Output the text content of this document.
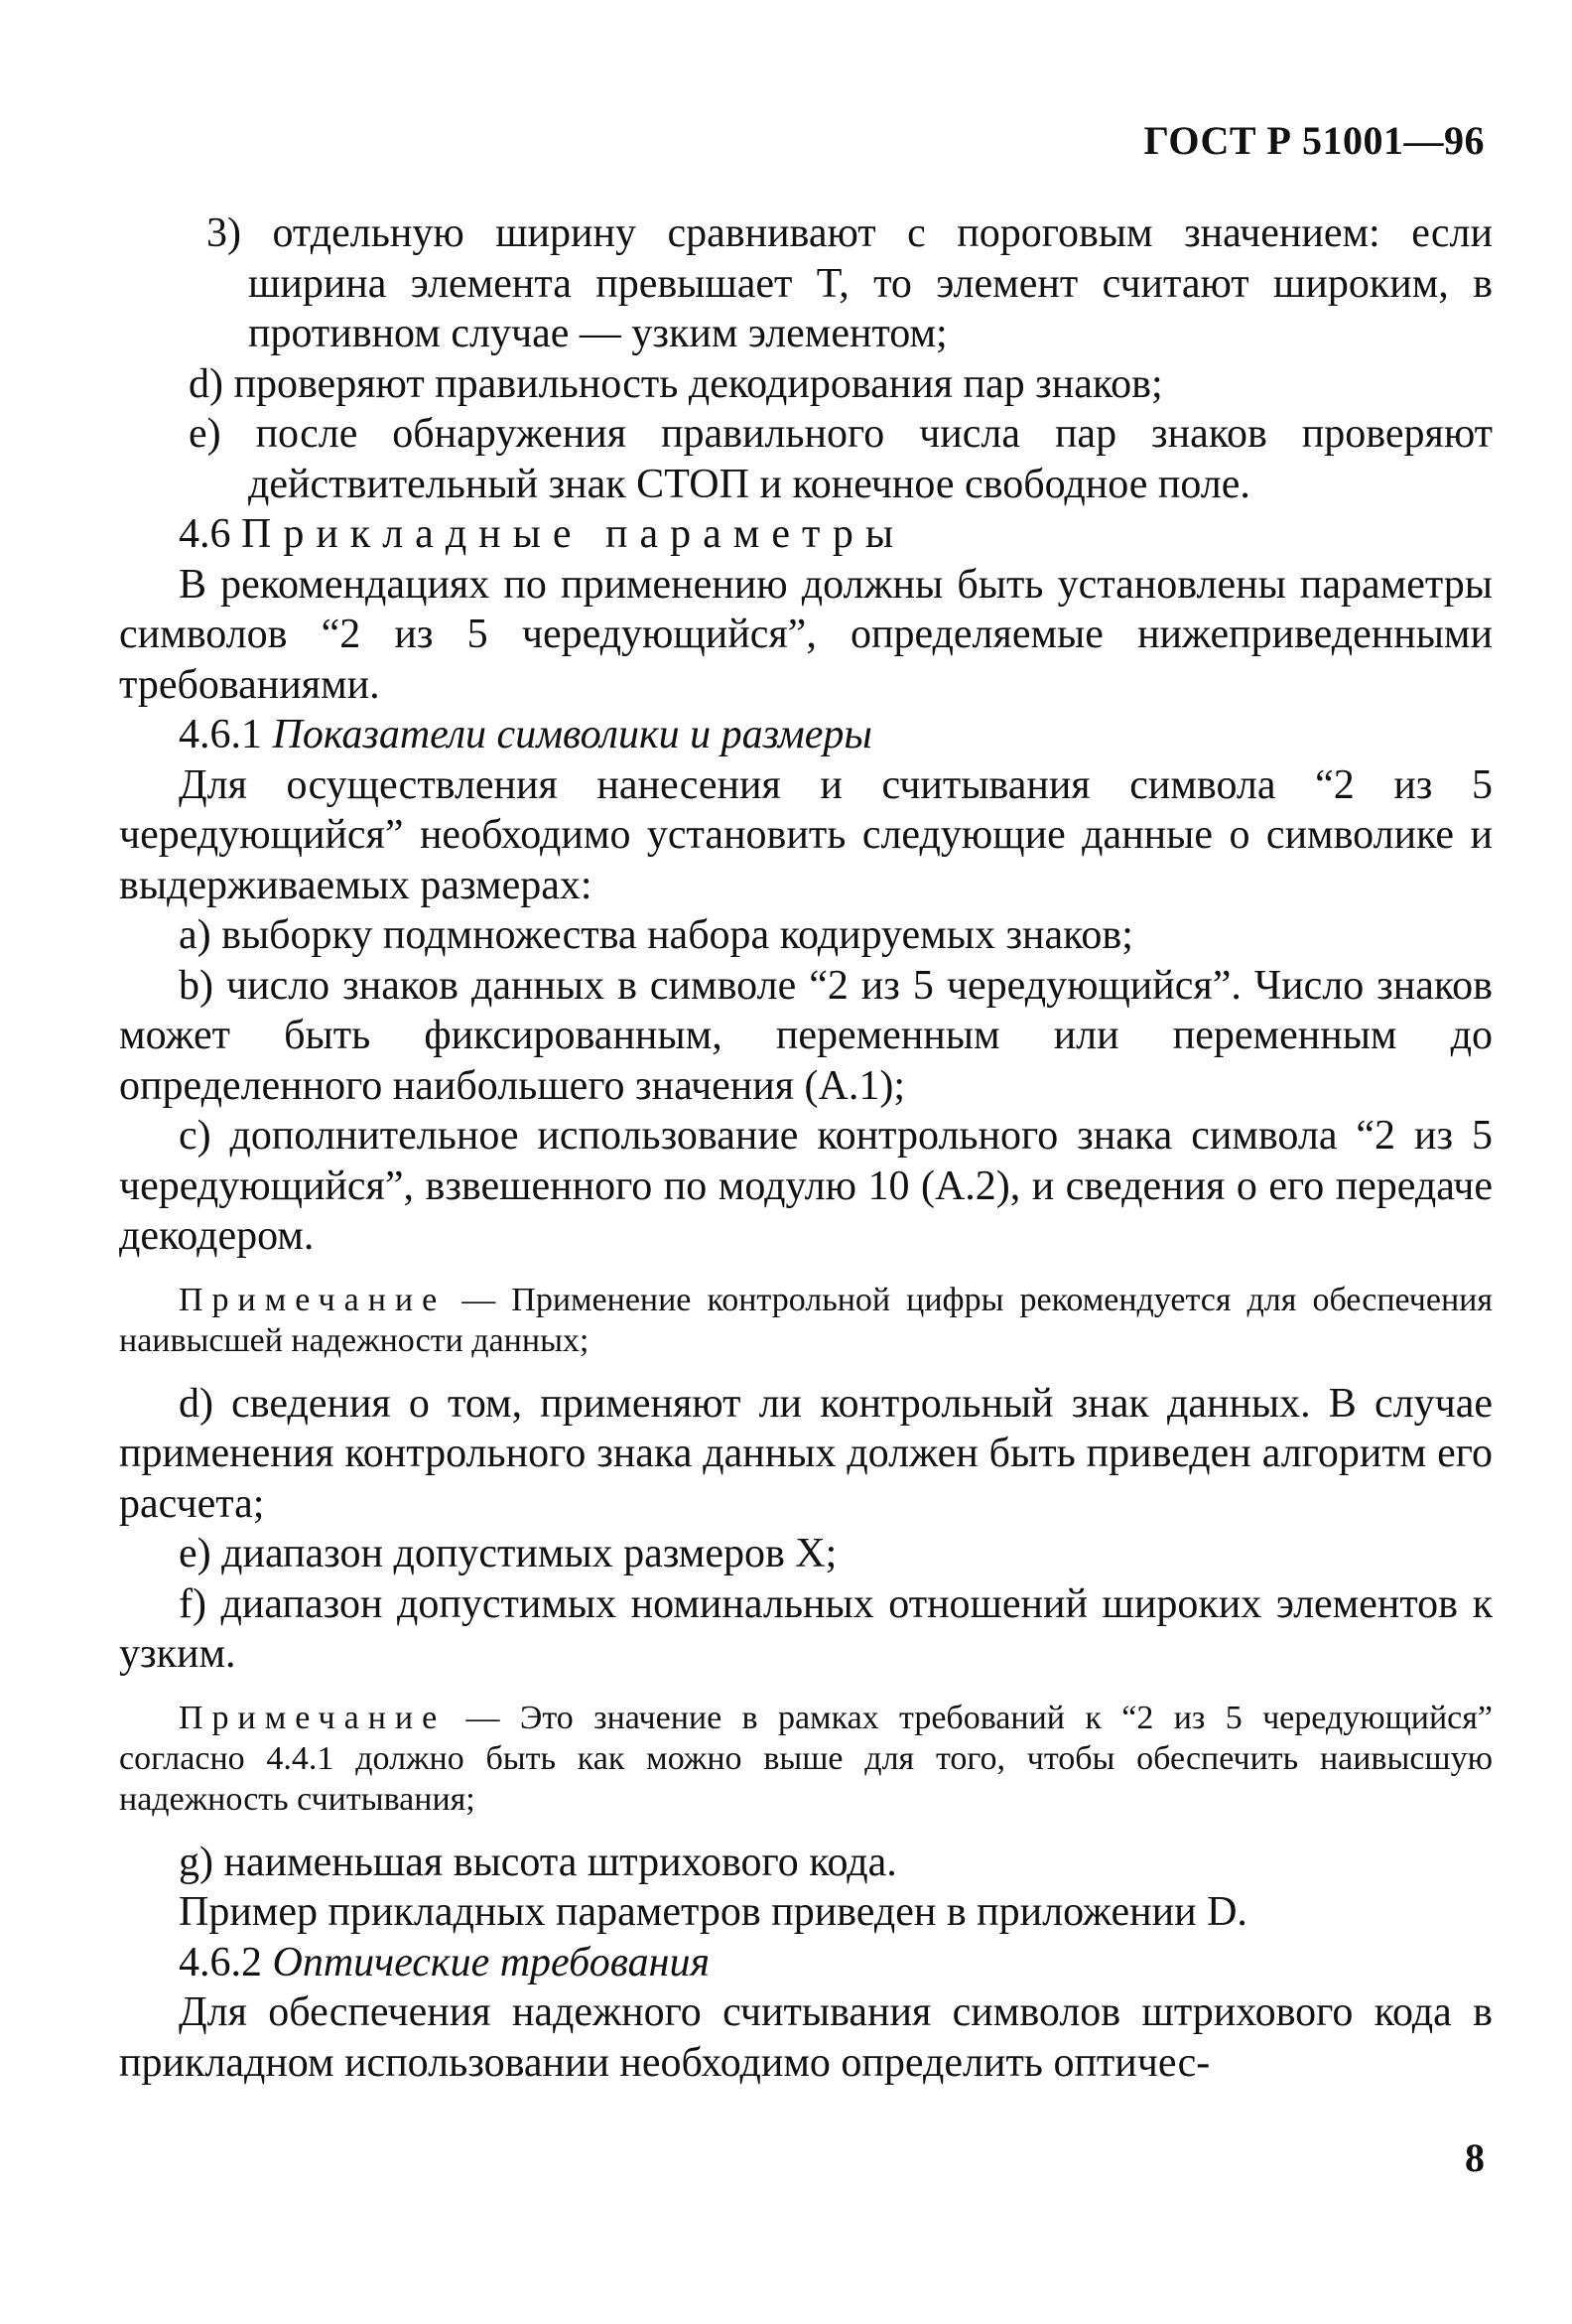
ГОСТ Р 51001—96

3) отдельную ширину сравнивают с пороговым значением: если ширина элемента превышает T, то элемент считают широким, в противном случае — узким элементом;

d) проверяют правильность декодирования пар знаков;

e) после обнаружения правильного числа пар знаков проверяют действительный знак СТОП и конечное свободное поле.

4.6 Прикладные параметры

В рекомендациях по применению должны быть установлены параметры символов “2 из 5 чередующийся”, определяемые нижеприведенными требованиями.

4.6.1 Показатели символики и размеры

Для осуществления нанесения и считывания символа “2 из 5 чередующийся” необходимо установить следующие данные о символике и выдерживаемых размерах:

a) выборку подмножества набора кодируемых знаков;

b) число знаков данных в символе “2 из 5 чередующийся”. Число знаков может быть фиксированным, переменным или переменным до определенного наибольшего значения (А.1);

c) дополнительное использование контрольного знака символа “2 из 5 чередующийся”, взвешенного по модулю 10 (А.2), и сведения о его передаче декодером.

Примечание — Применение контрольной цифры рекомендуется для обеспечения наивысшей надежности данных;

d) сведения о том, применяют ли контрольный знак данных. В случае применения контрольного знака данных должен быть приведен алгоритм его расчета;

e) диапазон допустимых размеров X;

f) диапазон допустимых номинальных отношений широких элементов к узким.

Примечание — Это значение в рамках требований к “2 из 5 чередующийся” согласно 4.4.1 должно быть как можно выше для того, чтобы обеспечить наивысшую надежность считывания;

g) наименьшая высота штрихового кода.

Пример прикладных параметров приведен в приложении D.

4.6.2 Оптические требования

Для обеспечения надежного считывания символов штрихового кода в прикладном использовании необходимо определить оптичес-

8
